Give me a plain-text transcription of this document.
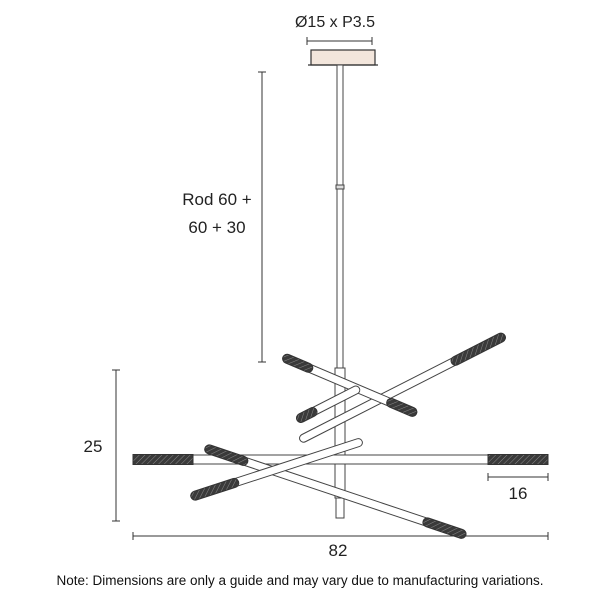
Ø15 x P3.5
Rod 60 +
60 + 30
25
16
82
Note: Dimensions are only a guide and may vary due to manufacturing variations.
